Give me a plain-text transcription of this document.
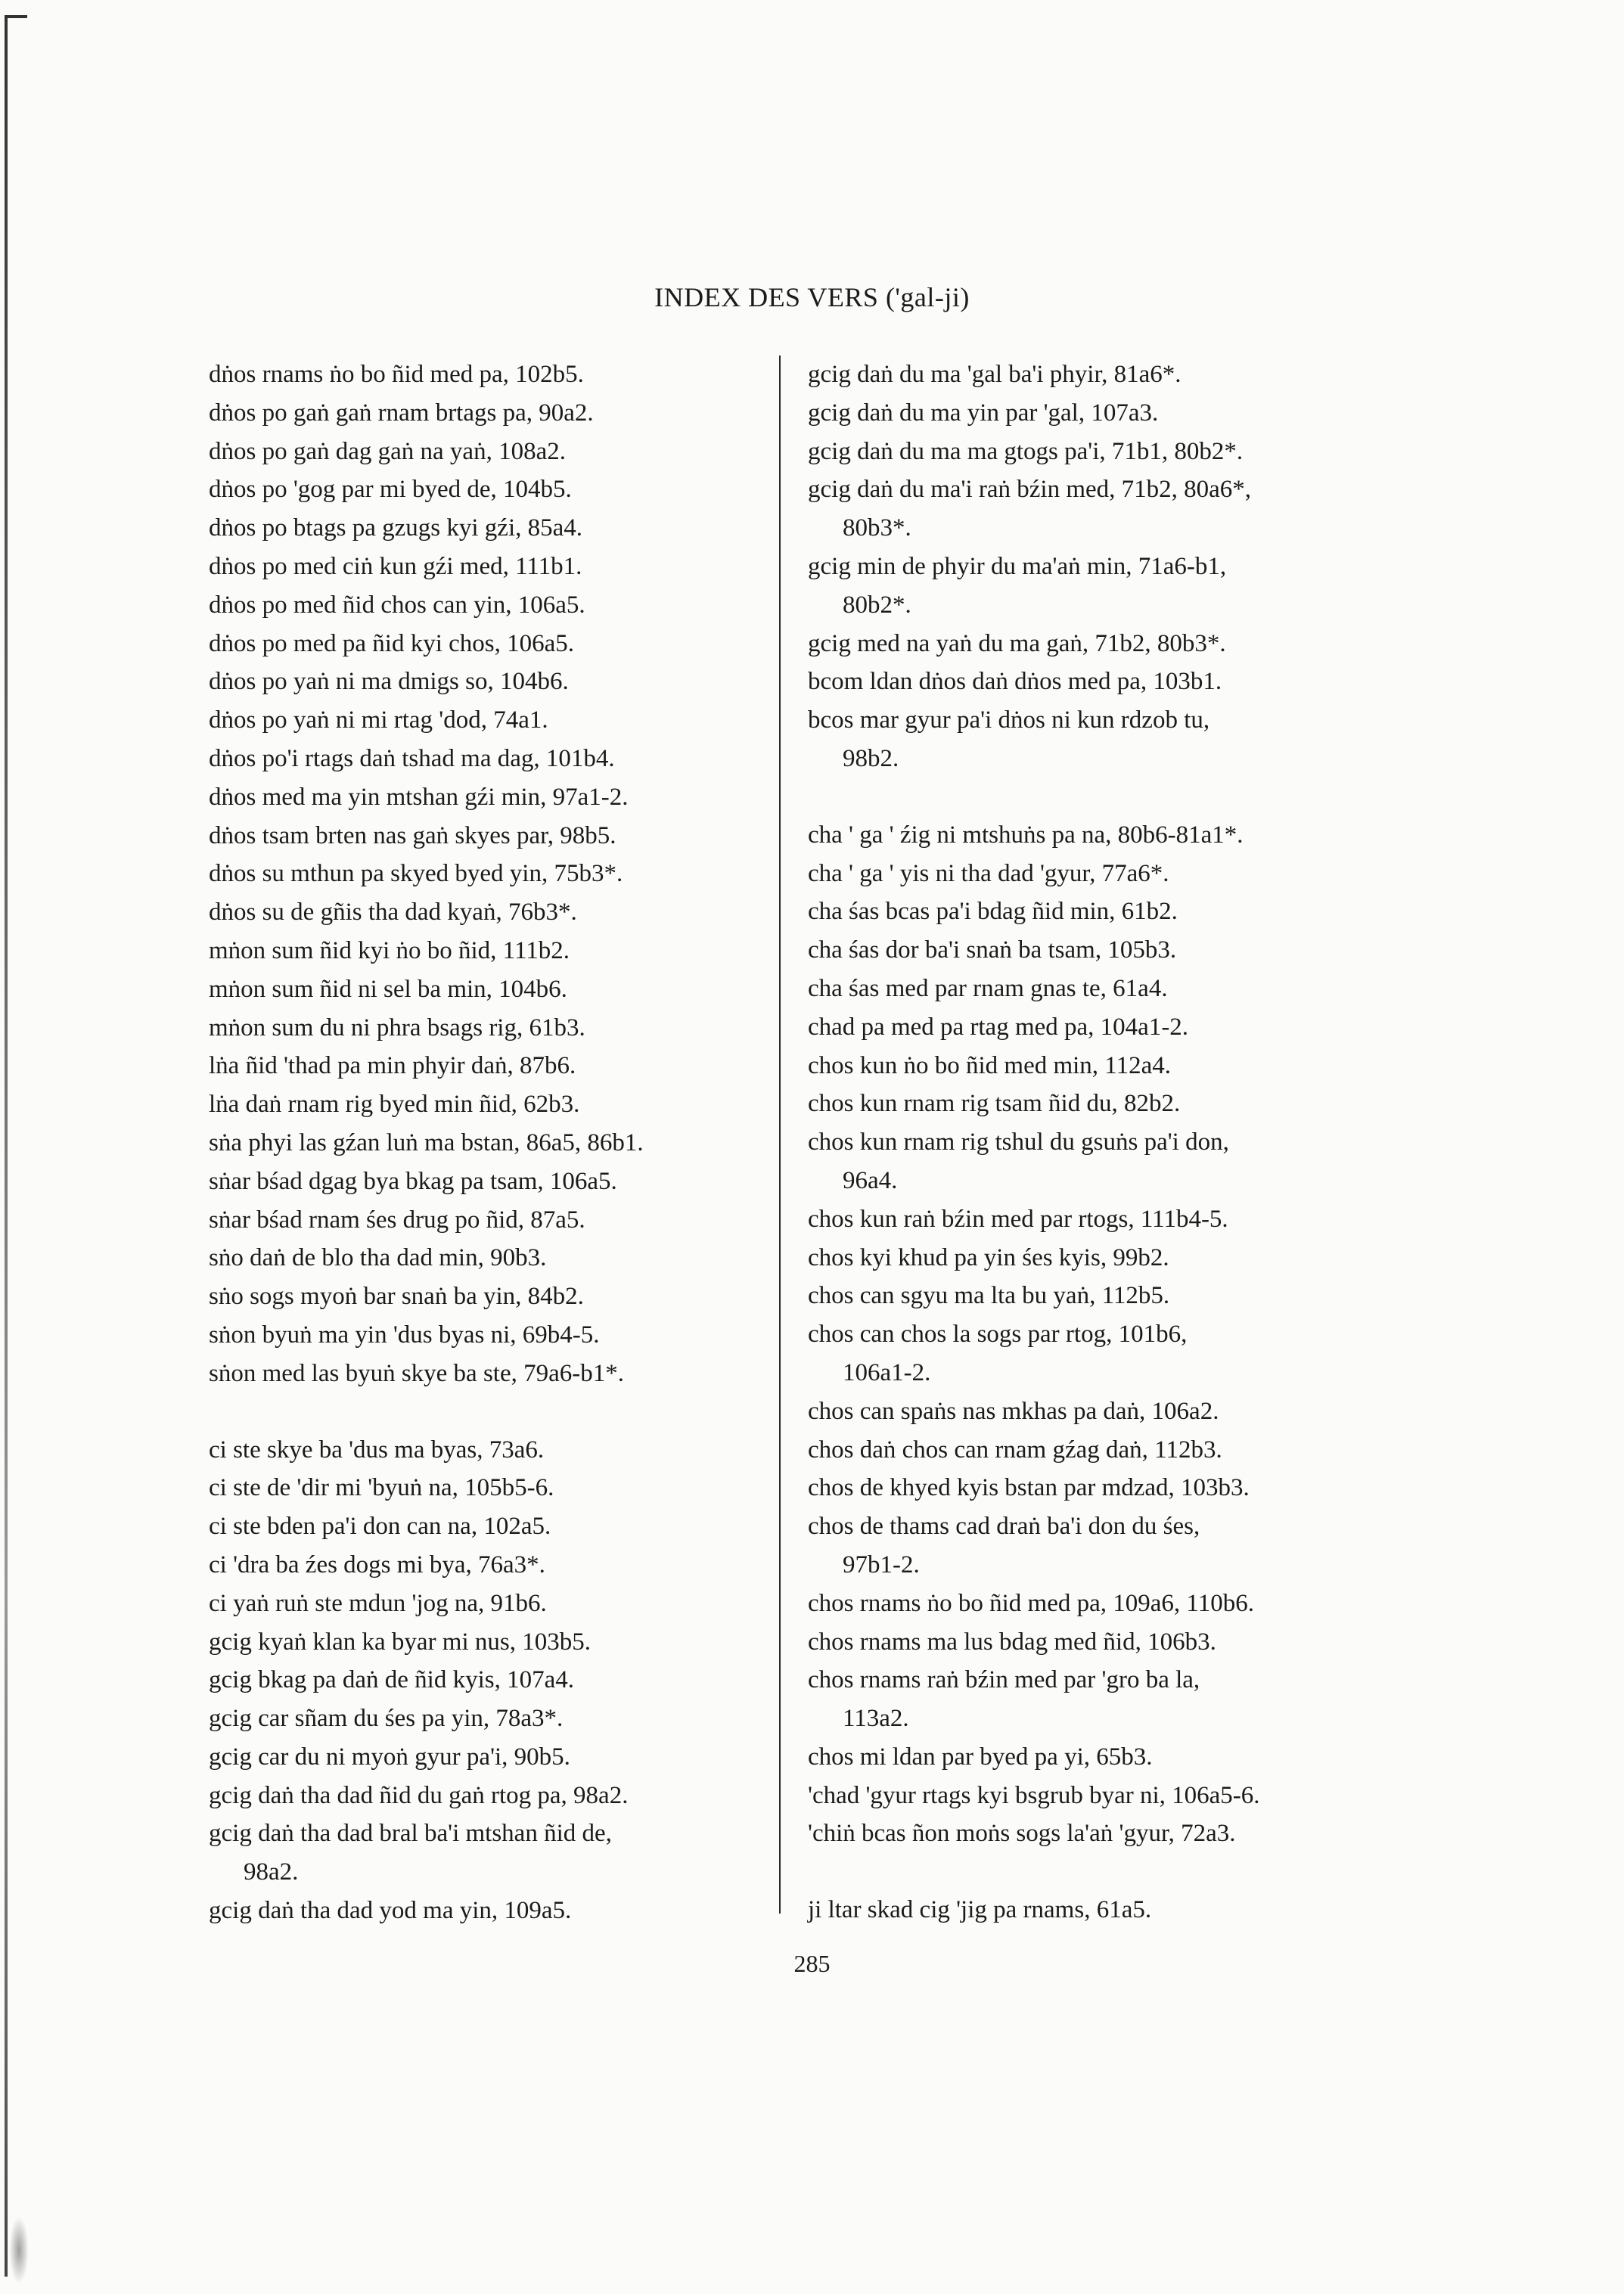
INDEX DES VERS ('gal-ji)
dṅos rnams ṅo bo ñid med pa, 102b5.
dṅos po gaṅ gaṅ rnam brtags pa, 90a2.
dṅos po gaṅ dag gaṅ na yaṅ, 108a2.
dṅos po 'gog par mi byed de, 104b5.
dṅos po btags pa gzugs kyi gźi, 85a4.
dṅos po med ciṅ kun gźi med, 111b1.
dṅos po med ñid chos can yin, 106a5.
dṅos po med pa ñid kyi chos, 106a5.
dṅos po yaṅ ni ma dmigs so, 104b6.
dṅos po yaṅ ni mi rtag 'dod, 74a1.
dṅos po'i rtags daṅ tshad ma dag, 101b4.
dṅos med ma yin mtshan gźi min, 97a1-2.
dṅos tsam brten nas gaṅ skyes par, 98b5.
dṅos su mthun pa skyed byed yin, 75b3*.
dṅos su de gñis tha dad kyaṅ, 76b3*.
mṅon sum ñid kyi ṅo bo ñid, 111b2.
mṅon sum ñid ni sel ba min, 104b6.
mṅon sum du ni phra bsags rig, 61b3.
lṅa ñid 'thad pa min phyir daṅ, 87b6.
lṅa daṅ rnam rig byed min ñid, 62b3.
sṅa phyi las gźan luṅ ma bstan, 86a5, 86b1.
sṅar bśad dgag bya bkag pa tsam, 106a5.
sṅar bśad rnam śes drug po ñid, 87a5.
sṅo daṅ de blo tha dad min, 90b3.
sṅo sogs myoṅ bar snaṅ ba yin, 84b2.
sṅon byuṅ ma yin 'dus byas ni, 69b4-5.
sṅon med las byuṅ skye ba ste, 79a6-b1*.
ci ste skye ba 'dus ma byas, 73a6.
ci ste de 'dir mi 'byuṅ na, 105b5-6.
ci ste bden pa'i don can na, 102a5.
ci 'dra ba źes dogs mi bya, 76a3*.
ci yaṅ ruṅ ste mdun 'jog na, 91b6.
gcig kyaṅ klan ka byar mi nus, 103b5.
gcig bkag pa daṅ de ñid kyis, 107a4.
gcig car sñam du śes pa yin, 78a3*.
gcig car du ni myoṅ gyur pa'i, 90b5.
gcig daṅ tha dad ñid du gaṅ rtog pa, 98a2.
gcig daṅ tha dad bral ba'i mtshan ñid de,
98a2.
gcig daṅ tha dad yod ma yin, 109a5.
gcig daṅ du ma 'gal ba'i phyir, 81a6*.
gcig daṅ du ma yin par 'gal, 107a3.
gcig daṅ du ma ma gtogs pa'i, 71b1, 80b2*.
gcig daṅ du ma'i raṅ bźin med, 71b2, 80a6*,
80b3*.
gcig min de phyir du ma'aṅ min, 71a6-b1,
80b2*.
gcig med na yaṅ du ma gaṅ, 71b2, 80b3*.
bcom ldan dṅos daṅ dṅos med pa, 103b1.
bcos mar gyur pa'i dṅos ni kun rdzob tu,
98b2.
cha ' ga ' źig ni mtshuṅs pa na, 80b6-81a1*.
cha ' ga ' yis ni tha dad 'gyur, 77a6*.
cha śas bcas pa'i bdag ñid min, 61b2.
cha śas dor ba'i snaṅ ba tsam, 105b3.
cha śas med par rnam gnas te, 61a4.
chad pa med pa rtag med pa, 104a1-2.
chos kun ṅo bo ñid med min, 112a4.
chos kun rnam rig tsam ñid du, 82b2.
chos kun rnam rig tshul du gsuṅs pa'i don,
96a4.
chos kun raṅ bźin med par rtogs, 111b4-5.
chos kyi khud pa yin śes kyis, 99b2.
chos can sgyu ma lta bu yaṅ, 112b5.
chos can chos la sogs par rtog, 101b6,
106a1-2.
chos can spaṅs nas mkhas pa daṅ, 106a2.
chos daṅ chos can rnam gźag daṅ, 112b3.
chos de khyed kyis bstan par mdzad, 103b3.
chos de thams cad draṅ ba'i don du śes,
97b1-2.
chos rnams ṅo bo ñid med pa, 109a6, 110b6.
chos rnams ma lus bdag med ñid, 106b3.
chos rnams raṅ bźin med par 'gro ba la,
113a2.
chos mi ldan par byed pa yi, 65b3.
'chad 'gyur rtags kyi bsgrub byar ni, 106a5-6.
'chiṅ bcas ñon moṅs sogs la'aṅ 'gyur, 72a3.
ji ltar skad cig 'jig pa rnams, 61a5.
285
